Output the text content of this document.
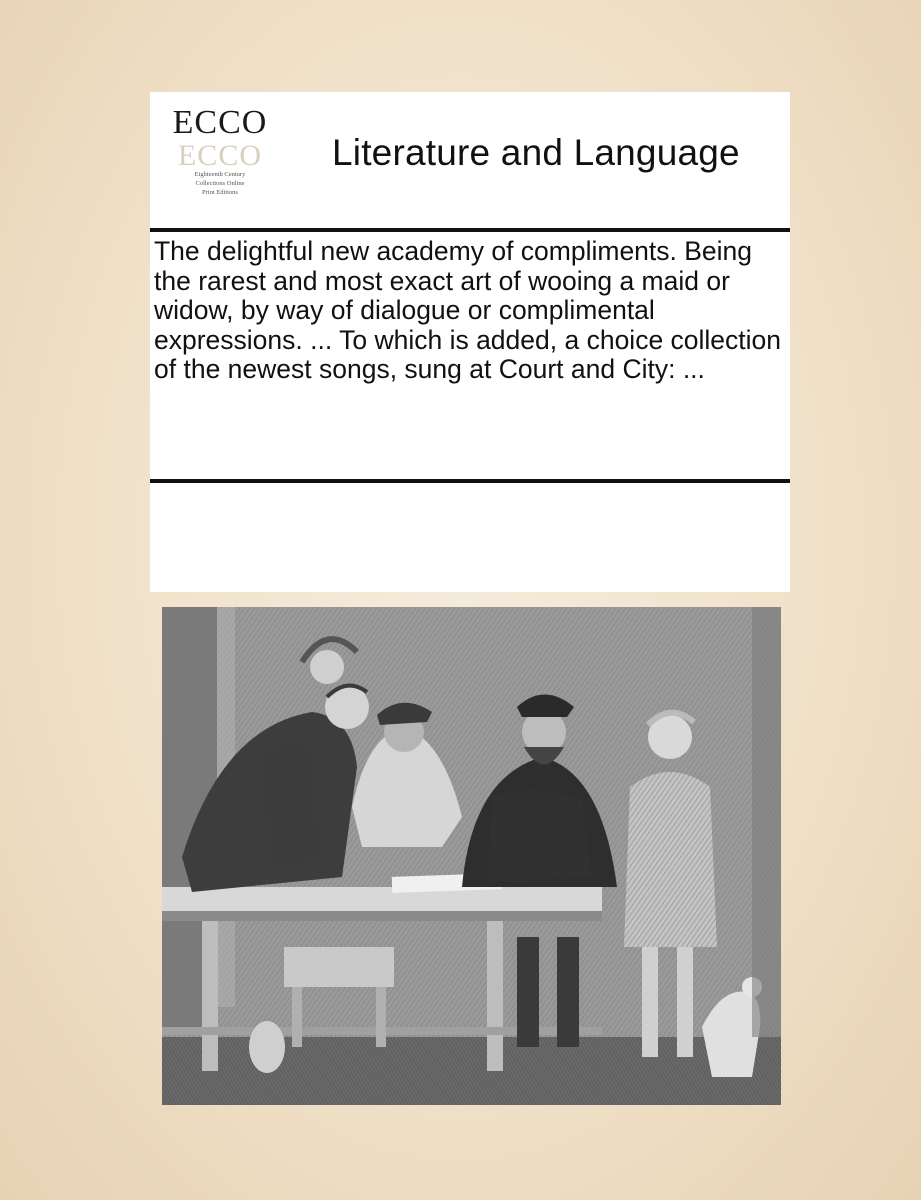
ECCO
ECCO
Eighteenth Century
Collections Online
Print Editions
Literature and Language

The delightful new academy of compliments. Being the rarest and most exact art of wooing a maid or widow, by way of dialogue or complimental expressions. ... To which is added, a choice collection of the newest songs, sung at Court and City: ...
